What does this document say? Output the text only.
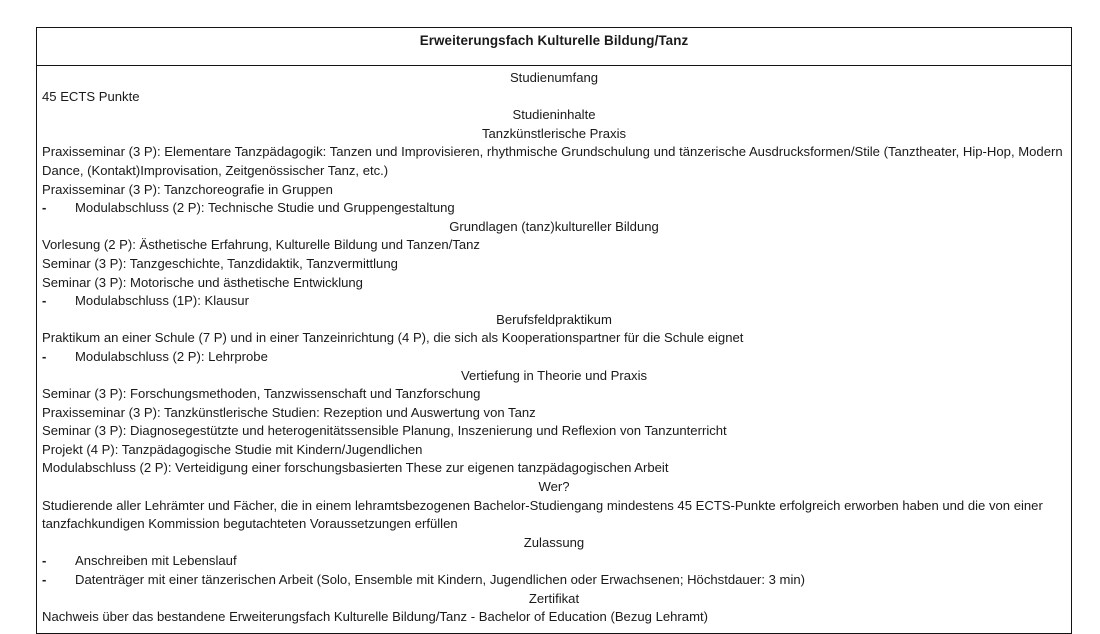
Erweiterungsfach Kulturelle Bildung/Tanz
Studienumfang
45 ECTS Punkte
Studieninhalte
Tanzkünstlerische Praxis
Praxisseminar (3 P): Elementare Tanzpädagogik: Tanzen und Improvisieren, rhythmische Grundschulung und tänzerische Ausdrucksformen/Stile (Tanztheater, Hip-Hop, Modern Dance, (Kontakt)Improvisation, Zeitgenössischer Tanz, etc.)
Praxisseminar (3 P): Tanzchoreografie in Gruppen
-	Modulabschluss (2 P): Technische Studie und Gruppengestaltung
Grundlagen (tanz)kultureller Bildung
Vorlesung (2 P): Ästhetische Erfahrung, Kulturelle Bildung und Tanzen/Tanz
Seminar (3 P): Tanzgeschichte, Tanzdidaktik, Tanzvermittlung
Seminar (3 P): Motorische und ästhetische Entwicklung
-	Modulabschluss (1P): Klausur
Berufsfeldpraktikum
Praktikum an einer Schule (7 P) und in einer Tanzeinrichtung (4 P), die sich als Kooperationspartner für die Schule eignet
-	Modulabschluss (2 P): Lehrprobe
Vertiefung in Theorie und Praxis
Seminar (3 P): Forschungsmethoden, Tanzwissenschaft und Tanzforschung
Praxisseminar (3 P): Tanzkünstlerische Studien: Rezeption und Auswertung von Tanz
Seminar (3 P): Diagnosegestützte und heterogenitätssensible Planung, Inszenierung und Reflexion von Tanzunterricht
Projekt (4 P): Tanzpädagogische Studie mit Kindern/Jugendlichen
Modulabschluss (2 P): Verteidigung einer forschungsbasierten These zur eigenen tanzpädagogischen Arbeit
Wer?
Studierende aller Lehrämter und Fächer, die in einem lehramtsbezogenen Bachelor-Studiengang mindestens 45 ECTS-Punkte erfolgreich erworben haben und die von einer tanzfachkundigen Kommission begutachteten Voraussetzungen erfüllen
Zulassung
-	Anschreiben mit Lebenslauf
-	Datenträger mit einer tänzerischen Arbeit (Solo, Ensemble mit Kindern, Jugendlichen oder Erwachsenen; Höchstdauer: 3 min)
Zertifikat
Nachweis über das bestandene Erweiterungsfach Kulturelle Bildung/Tanz - Bachelor of Education (Bezug Lehramt)
